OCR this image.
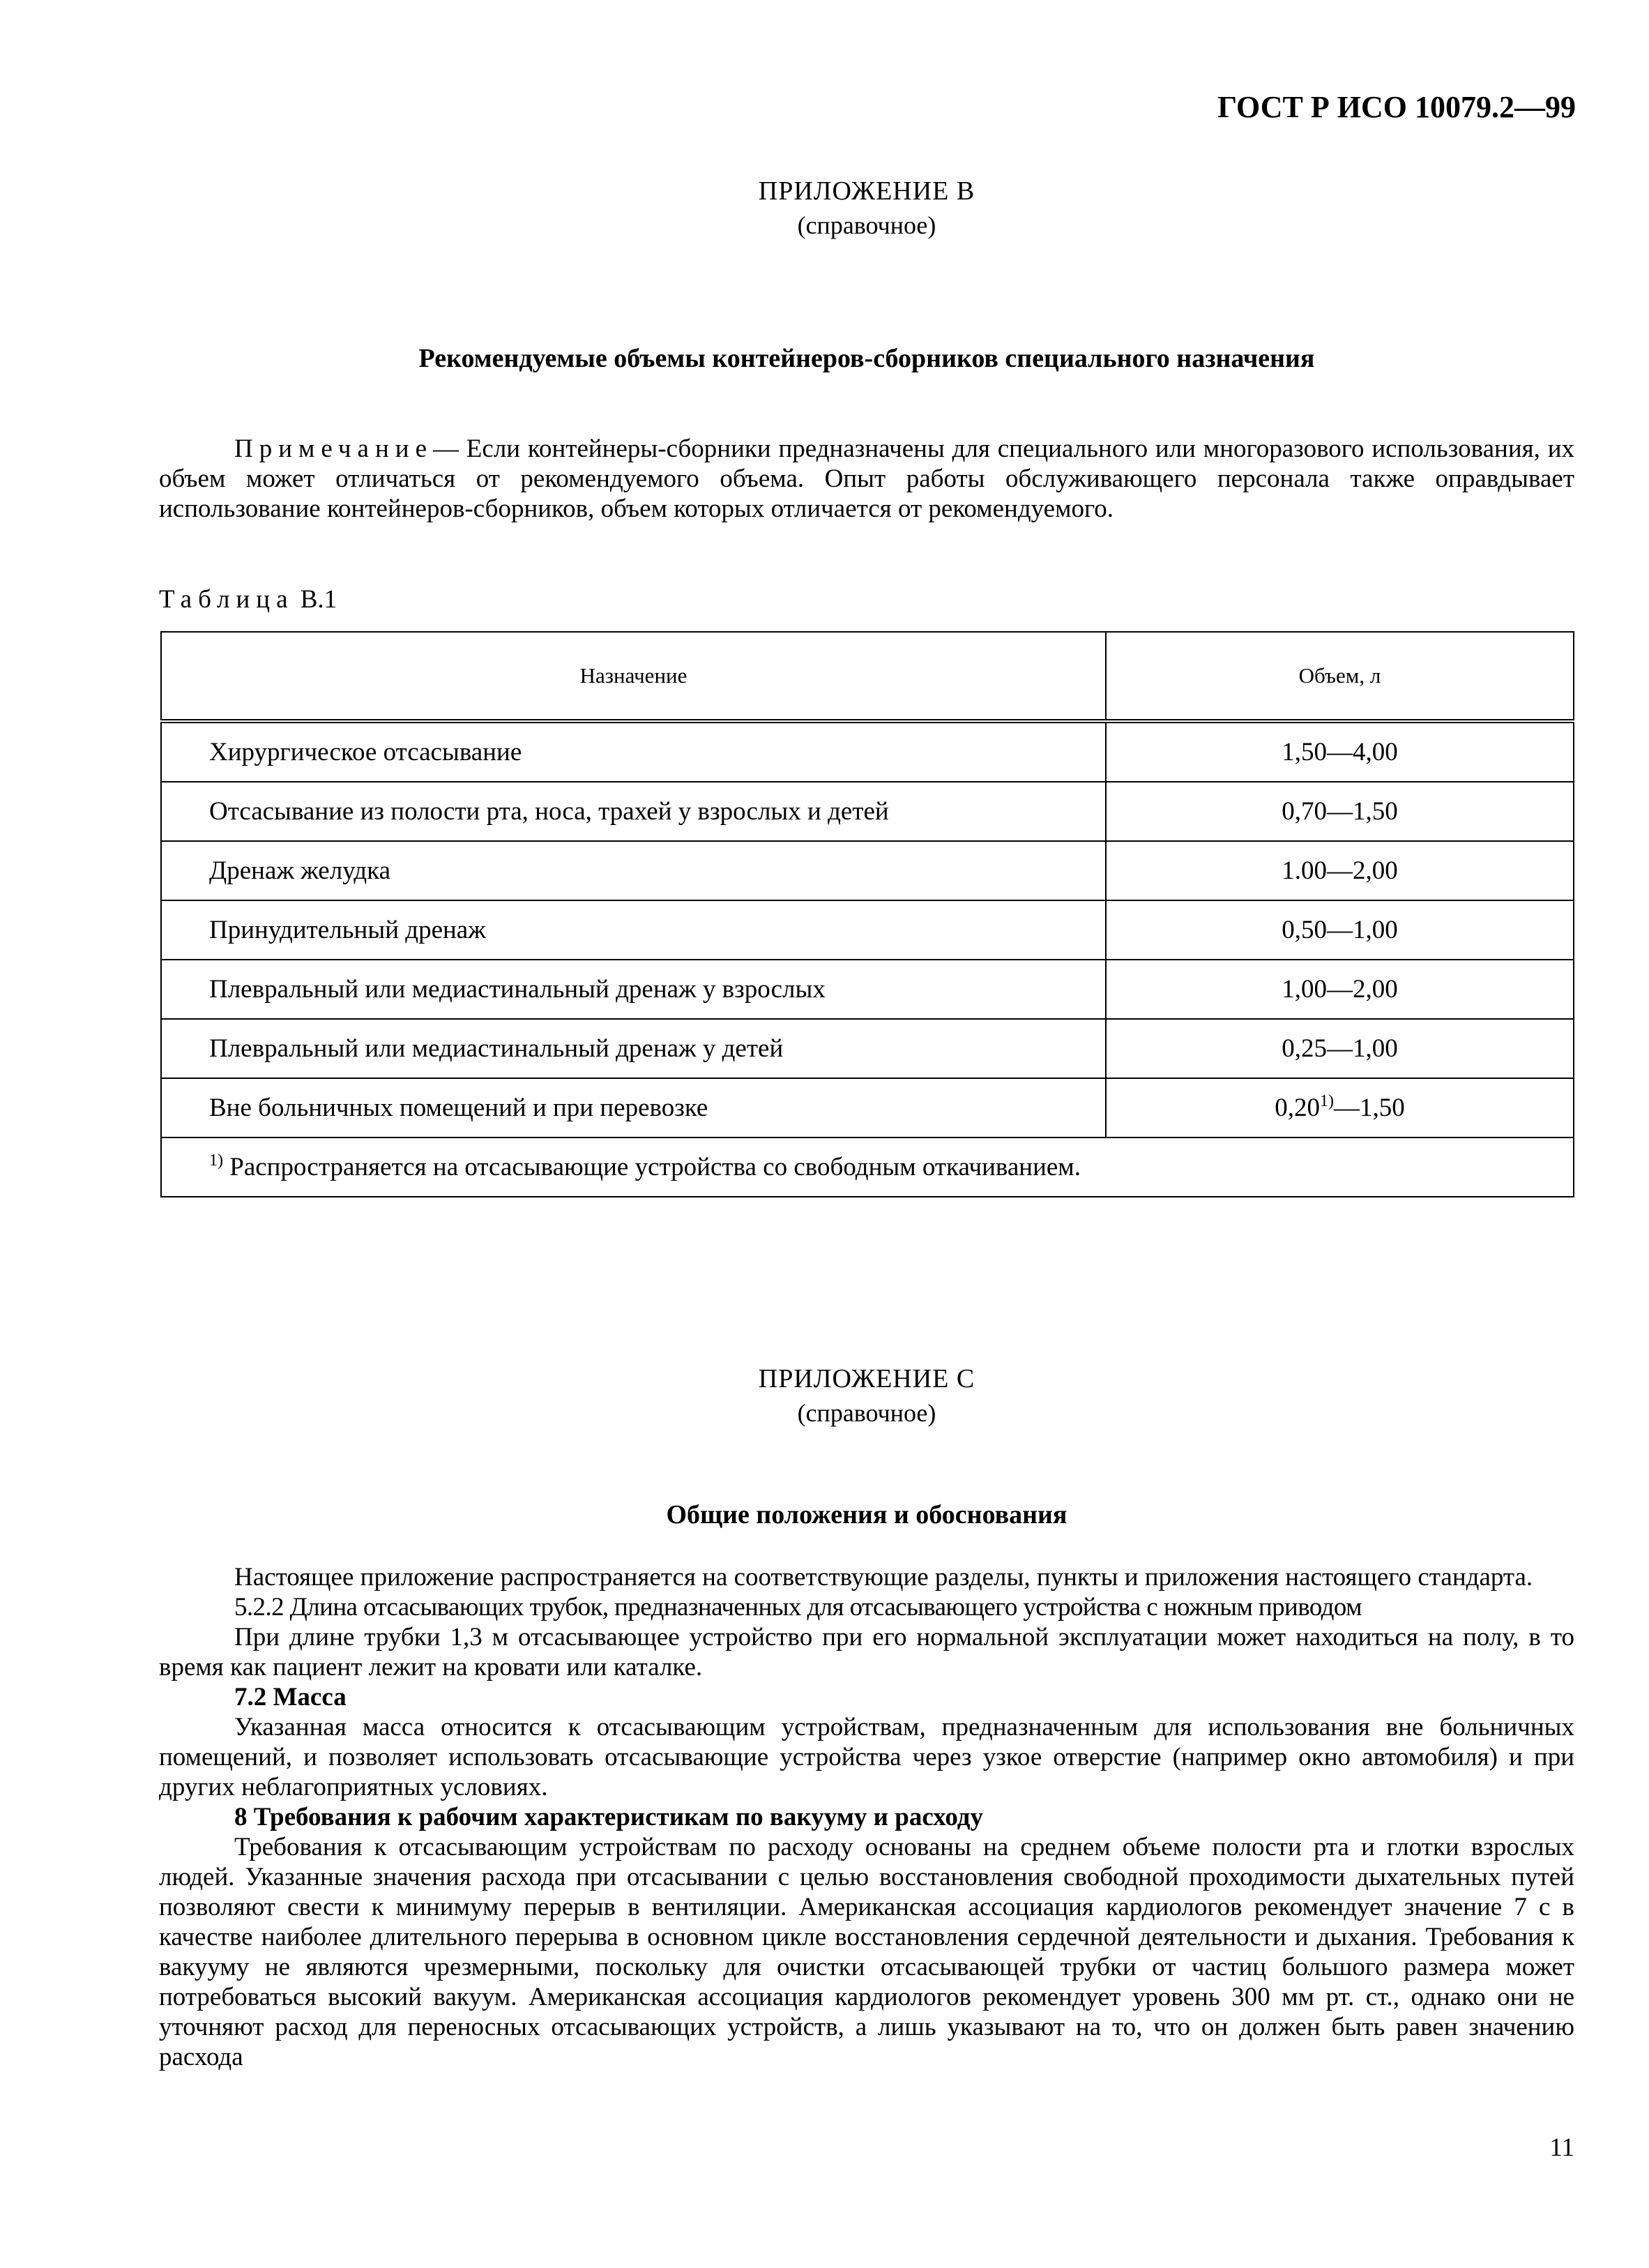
ГОСТ Р ИСО 10079.2—99
ПРИЛОЖЕНИЕ В
(справочное)
Рекомендуемые объемы контейнеров-сборников специального назначения

Примечание— Если контейнеры-сборники предназначены для специального или многоразового использования, их объем может отличаться от рекомендуемого объема. Опыт работы обслуживающего персонала также оправдывает использование контейнеров-сборников, объем которых отличается от рекомендуемого.

Таблица B.1
Назначение	Объем, л
Хирургическое отсасывание	1,50—4,00
Отсасывание из полости рта, носа, трахей у взрослых и детей	0,70—1,50
Дренаж желудка	1.00—2,00
Принудительный дренаж	0,50—1,00
Плевральный или медиастинальный дренаж у взрослых	1,00—2,00
Плевральный или медиастинальный дренаж у детей	0,25—1,00
Вне больничных помещений и при перевозке	0,20$^{1)}$—1,50
$^{1)}$ Распространяется на отсасывающие устройства со свободным откачиванием.	
ПРИЛОЖЕНИЕ С
(справочное)
Общие положения и обоснования

Настоящее приложение распространяется на соответствующие разделы, пункты и приложения настоящего стандарта.

5.2.2 Длина отсасывающих трубок, предназначенных для отсасывающего устройства с ножным приводом

При длине трубки 1,3 м отсасывающее устройство при его нормальной эксплуатации может находиться на полу, в то время как пациент лежит на кровати или каталке.

7.2 Масса

Указанная масса относится к отсасывающим устройствам, предназначенным для использования вне больничных помещений, и позволяет использовать отсасывающие устройства через узкое отверстие (например окно автомобиля) и при других неблагоприятных условиях.

8 Требования к рабочим характеристикам по вакууму и расходу

Требования к отсасывающим устройствам по расходу основаны на среднем объеме полости рта и глотки взрослых людей. Указанные значения расхода при отсасывании с целью восстановления свободной проходимости дыхательных путей позволяют свести к минимуму перерыв в вентиляции. Американская ассоциация кардиологов рекомендует значение 7 с в качестве наиболее длительного перерыва в основном цикле восстановления сердечной деятельности и дыхания. Требования к вакууму не являются чрезмерными, поскольку для очистки отсасывающей трубки от частиц большого размера может потребоваться высокий вакуум. Американская ассоциация кардиологов рекомендует уровень 300 мм рт. ст., однако они не уточняют расход для переносных отсасывающих устройств, а лишь указывают на то, что он должен быть равен значению расхода

11
